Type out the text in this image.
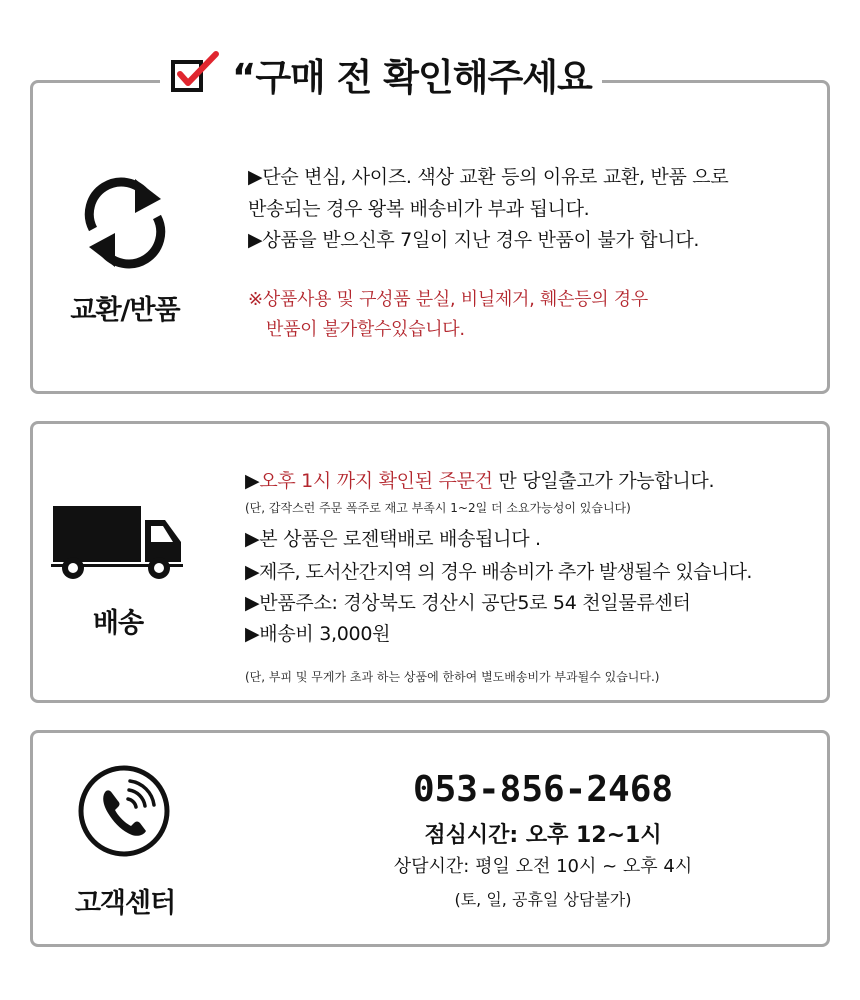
“구매 전 확인해주세요
교환/반품
▶단순 변심, 사이즈. 색상 교환 등의 이유로 교환, 반품 으로
반송되는 경우 왕복 배송비가 부과 됩니다.
▶상품을 받으신후 7일이 지난 경우 반품이 불가 합니다.
※상품사용 및 구성품 분실, 비닐제거, 훼손등의 경우
반품이 불가할수있습니다.
배송
▶오후 1시 까지 확인된 주문건 만 당일출고가 가능합니다.
(단, 갑작스런 주문 폭주로 재고 부족시 1~2일 더 소요가능성이 있습니다)
▶본 상품은 로젠택배로 배송됩니다 .
▶제주, 도서산간지역 의 경우 배송비가 추가 발생될수 있습니다.
▶반품주소: 경상북도 경산시 공단5로 54 천일물류센터
▶배송비 3,000원
(단, 부피 및 무게가 초과 하는 상품에 한하여 별도배송비가 부과될수 있습니다.)
고객센터
053-856-2468
점심시간: 오후 12~1시
상담시간: 평일 오전 10시 ~ 오후 4시
(토, 일, 공휴일 상담불가)
